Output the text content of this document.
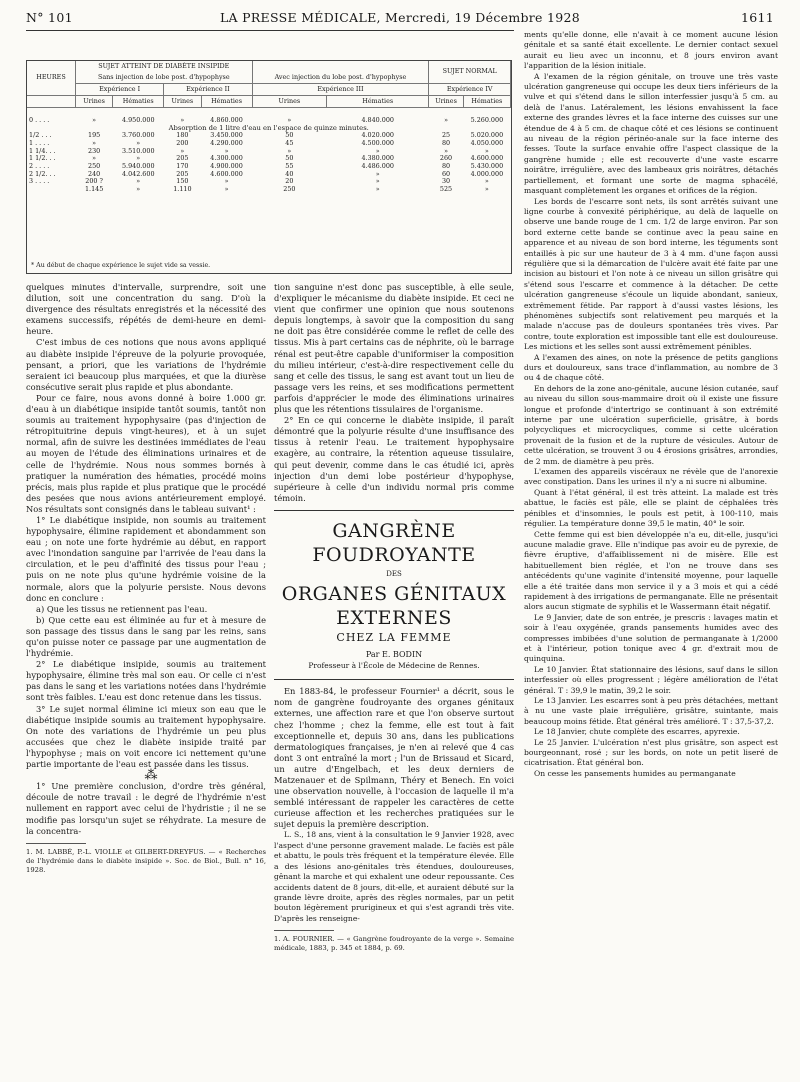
N° 101	LA PRESSE MÉDICALE, Mercredi, 19 Décembre 1928	1611
HEURES	SUJET ATTEINT DE DIABÈTE INSIPIDE						SUJET NORMAL	
	Sans injection de lobe post. d'hypophyse				Avec injection du lobe post. d'hypophyse			
	Expérience I		Expérience II		Expérience III		Expérience IV	
	Urines	Hématies	Urines	Hématies	Urines	Hématies	Urines	Hématies

0 . . . .	»	4.950.000	»	4.860.000	»	4.840.000	»	5.260.000
Absorption de 1 litre d'eau en l'espace de quinze minutes.								
1/2 . . .	195	3.760.000	180	3.450.000	50	4.020.000	25	5.020.000
1 . . . .	»	»	200	4.290.000	45	4.500.000	80	4.050.000
1 1/4. . .	230	3.510.000	»	»	»	»	»	»
1 1/2. . .	»	»	205	4.300.000	50	4.380.000	260	4.600.000
2 . . . .	250	5.940.000	170	4.900.000	55	4.486.000	80	5.430.000
2 1/2. . .	240	4.042.600	205	4.600.000	40	»	60	4.000.000
3 . . . .	200 ?	»	150	»	20	»	30	»
	1.145	»	1.110	»	250	»	525	»
* Au début de chaque expérience le sujet vide sa vessie.

quelques minutes d'intervalle, surprendre, soit une dilution, soit une concentration du sang. D'où la divergence des résultats enregistrés et la nécessité des examens successifs, répétés de demi-heure en demi-heure.

C'est imbus de ces notions que nous avons appliqué au diabète insipide l'épreuve de la polyurie provoquée, pensant, a priori, que les variations de l'hydrémie seraient ici beaucoup plus marquées, et que la diurèse consécutive serait plus rapide et plus abondante.

Pour ce faire, nous avons donné à boire 1.000 gr. d'eau à un diabétique insipide tantôt soumis, tantôt non soumis au traitement hypophysaire (pas d'injection de rétropituitrine depuis vingt-heures), et à un sujet normal, afin de suivre les destinées immédiates de l'eau au moyen de l'étude des éliminations urinaires et de celle de l'hydrémie. Nous nous sommes bornés à pratiquer la numération des hématies, procédé moins précis, mais plus rapide et plus pratique que le procédé des pesées que nous avions antérieurement employé. Nos résultats sont consignés dans le tableau suivant¹ :

1° Le diabétique insipide, non soumis au traitement hypophysaire, élimine rapidement et abondamment son eau ; on note une forte hydrémie au début, en rapport avec l'inondation sanguine par l'arrivée de l'eau dans la circulation, et le peu d'affinité des tissus pour l'eau ; puis on ne note plus qu'une hydrémie voisine de la normale, alors que la polyurie persiste. Nous devons donc en conclure :

a) Que les tissus ne retiennent pas l'eau.

b) Que cette eau est éliminée au fur et à mesure de son passage des tissus dans le sang par les reins, sans qu'on puisse noter ce passage par une augmentation de l'hydrémie.

2° Le diabétique insipide, soumis au traitement hypophysaire, élimine très mal son eau. Or celle ci n'est pas dans le sang et les variations notées dans l'hydrémie sont très faibles. L'eau est donc retenue dans les tissus.

3° Le sujet normal élimine ici mieux son eau que le diabétique insipide soumis au traitement hypophysaire. On note des variations de l'hydrémie un peu plus accusées que chez le diabète insipide traité par l'hypophyse ; mais on voit encore ici nettement qu'une partie importante de l'eau est passée dans les tissus.

⁂

1° Une première conclusion, d'ordre très général, découle de notre travail : le degré de l'hydrémie n'est nullement en rapport avec celui de l'hydristie ; il ne se modifie pas lorsqu'un sujet se réhydrate. La mesure de la concentra-

1. M. LABBÉ, P.-L. VIOLLE et GILBERT-DREYFUS. — « Recherches de l'hydrémie dans le diabète insipide ». Soc. de Biol., Bull. n° 16, 1928.

tion sanguine n'est donc pas susceptible, à elle seule, d'expliquer le mécanisme du diabète insipide. Et ceci ne vient que confirmer une opinion que nous soutenons depuis longtemps, à savoir que la composition du sang ne doit pas être considérée comme le reflet de celle des tissus. Mis à part certains cas de néphrite, où le barrage rénal est peut-être capable d'uniformiser la composition du milieu intérieur, c'est-à-dire respectivement celle du sang et celle des tissus, le sang est avant tout un lieu de passage vers les reins, et ses modifications permettent parfois d'apprécier le mode des éliminations urinaires plus que les rétentions tissulaires de l'organisme.

2° En ce qui concerne le diabète insipide, il paraît démontré que la polyurie résulte d'une insuffisance des tissus à retenir l'eau. Le traitement hypophysaire exagère, au contraire, la rétention aqueuse tissulaire, qui peut devenir, comme dans le cas étudié ici, après injection d'un demi lobe postérieur d'hypophyse, supérieure à celle d'un individu normal pris comme témoin.

GANGRÈNE FOUDROYANTE
DES
ORGANES GÉNITAUX EXTERNES
CHEZ LA FEMME
Par E. BODIN
Professeur à l'École de Médecine de Rennes.

En 1883-84, le professeur Fournier¹ a décrit, sous le nom de gangrène foudroyante des organes génitaux externes, une affection rare et que l'on observe surtout chez l'homme ; chez la femme, elle est tout à fait exceptionnelle et, depuis 30 ans, dans les publications dermatologiques françaises, je n'en ai relevé que 4 cas dont 3 ont entraîné la mort ; l'un de Brissaud et Sicard, un autre d'Engelbach, et les deux derniers de Matzenauer et de Spilmann, Théry et Benech. En voici une observation nouvelle, à l'occasion de laquelle il m'a semblé intéressant de rappeler les caractères de cette curieuse affection et les recherches pratiquées sur le sujet depuis la première description.

L. S., 18 ans, vient à la consultation le 9 Janvier 1928, avec l'aspect d'une personne gravement malade. Le faciès est pâle et abattu, le pouls très fréquent et la température élevée. Elle a des lésions ano-génitales très étendues, douloureuses, gênant la marche et qui exhalent une odeur repoussante. Ces accidents datent de 8 jours, dit-elle, et auraient débuté sur la grande lèvre droite, après des règles normales, par un petit bouton légèrement prurigineux et qui s'est agrandi très vite. D'après les renseigne-

1. A. FOURNIER. — « Gangrène foudroyante de la verge ». Semaine médicale, 1883, p. 345 et 1884, p. 69.

ments qu'elle donne, elle n'avait à ce moment aucune lésion génitale et sa santé était excellente. Le dernier contact sexuel aurait eu lieu avec un inconnu, et 8 jours environ avant l'apparition de la lésion initiale.

A l'examen de la région génitale, on trouve une très vaste ulcération gangreneuse qui occupe les deux tiers inférieurs de la vulve et qui s'étend dans le sillon interfessier jusqu'à 5 cm. au delà de l'anus. Latéralement, les lésions envahissent la face externe des grandes lèvres et la face interne des cuisses sur une étendue de 4 à 5 cm. de chaque côté et ces lésions se continuent au niveau de la région périnéo-anale sur la face interne des fesses. Toute la surface envahie offre l'aspect classique de la gangrène humide ; elle est recouverte d'une vaste escarre noirâtre, irrégulière, avec des lambeaux gris noirâtres, détachés partiellement, et formant une sorte de magma sphacélé, masquant complètement les organes et orifices de la région.

Les bords de l'escarre sont nets, ils sont arrêtés suivant une ligne courbe à convexité périphérique, au delà de laquelle on observe une bande rouge de 1 cm. 1/2 de large environ. Par son bord externe cette bande se continue avec la peau saine en apparence et au niveau de son bord interne, les téguments sont entaillés à pic sur une hauteur de 3 à 4 mm. d'une façon aussi régulière que si la démarcation de l'ulcère avait été faite par une incision au bistouri et l'on note à ce niveau un sillon grisâtre qui s'étend sous l'escarre et commence à la détacher. De cette ulcération gangreneuse s'écoule un liquide abondant, sanieux, extrêmement fétide. Par rapport à d'aussi vastes lésions, les phénomènes subjectifs sont relativement peu marqués et la malade n'accuse pas de douleurs spontanées très vives. Par contre, toute exploration est impossible tant elle est douloureuse. Les mictions et les selles sont aussi extrêmement pénibles.

A l'examen des aines, on note la présence de petits ganglions durs et douloureux, sans trace d'inflammation, au nombre de 3 ou 4 de chaque côté.

En dehors de la zone ano-génitale, aucune lésion cutanée, sauf au niveau du sillon sous-mammaire droit où il existe une fissure longue et profonde d'intertrigo se continuant à son extrémité interne par une ulcération superficielle, grisâtre, à bords polycycliques et microcycliques, comme si cette ulcération provenait de la fusion et de la rupture de vésicules. Autour de cette ulcération, se trouvent 3 ou 4 érosions grisâtres, arrondies, de 2 mm. de diamètre à peu près.

L'examen des appareils viscéraux ne révèle que de l'anorexie avec constipation. Dans les urines il n'y a ni sucre ni albumine.

Quant à l'état général, il est très atteint. La malade est très abattue, le faciès est pâle, elle se plaint de céphalées très pénibles et d'insomnies, le pouls est petit, à 100-110, mais régulier. La température donne 39,5 le matin, 40° le soir.

Cette femme qui est bien développée n'a eu, dit-elle, jusqu'ici aucune maladie grave. Elle n'indique pas avoir eu de pyrexie, de fièvre éruptive, d'affaiblissement ni de misère. Elle est habituellement bien réglée, et l'on ne trouve dans ses antécédents qu'une vaginite d'intensité moyenne, pour laquelle elle a été traitée dans mon service il y a 3 mois et qui a cédé rapidement à des irrigations de permanganate. Elle ne présentait alors aucun stigmate de syphilis et le Wassermann était négatif.

Le 9 Janvier, date de son entrée, je prescris : lavages matin et soir à l'eau oxygénée, grands pansements humides avec des compresses imbibées d'une solution de permanganate à 1/2000 et à l'intérieur, potion tonique avec 4 gr. d'extrait mou de quinquina.

Le 10 Janvier. État stationnaire des lésions, sauf dans le sillon interfessier où elles progressent ; légère amélioration de l'état général. T : 39,9 le matin, 39,2 le soir.

Le 13 Janvier. Les escarres sont à peu près détachées, mettant à nu une vaste plaie irrégulière, grisâtre, suintante, mais beaucoup moins fétide. État général très amélioré. T : 37,5-37,2.

Le 18 Janvier, chute complète des escarres, apyrexie.

Le 25 Janvier. L'ulcération n'est plus grisâtre, son aspect est bourgeonnant, rosé ; sur les bords, on note un petit liseré de cicatrisation. État général bon.

On cesse les pansements humides au permanganate
